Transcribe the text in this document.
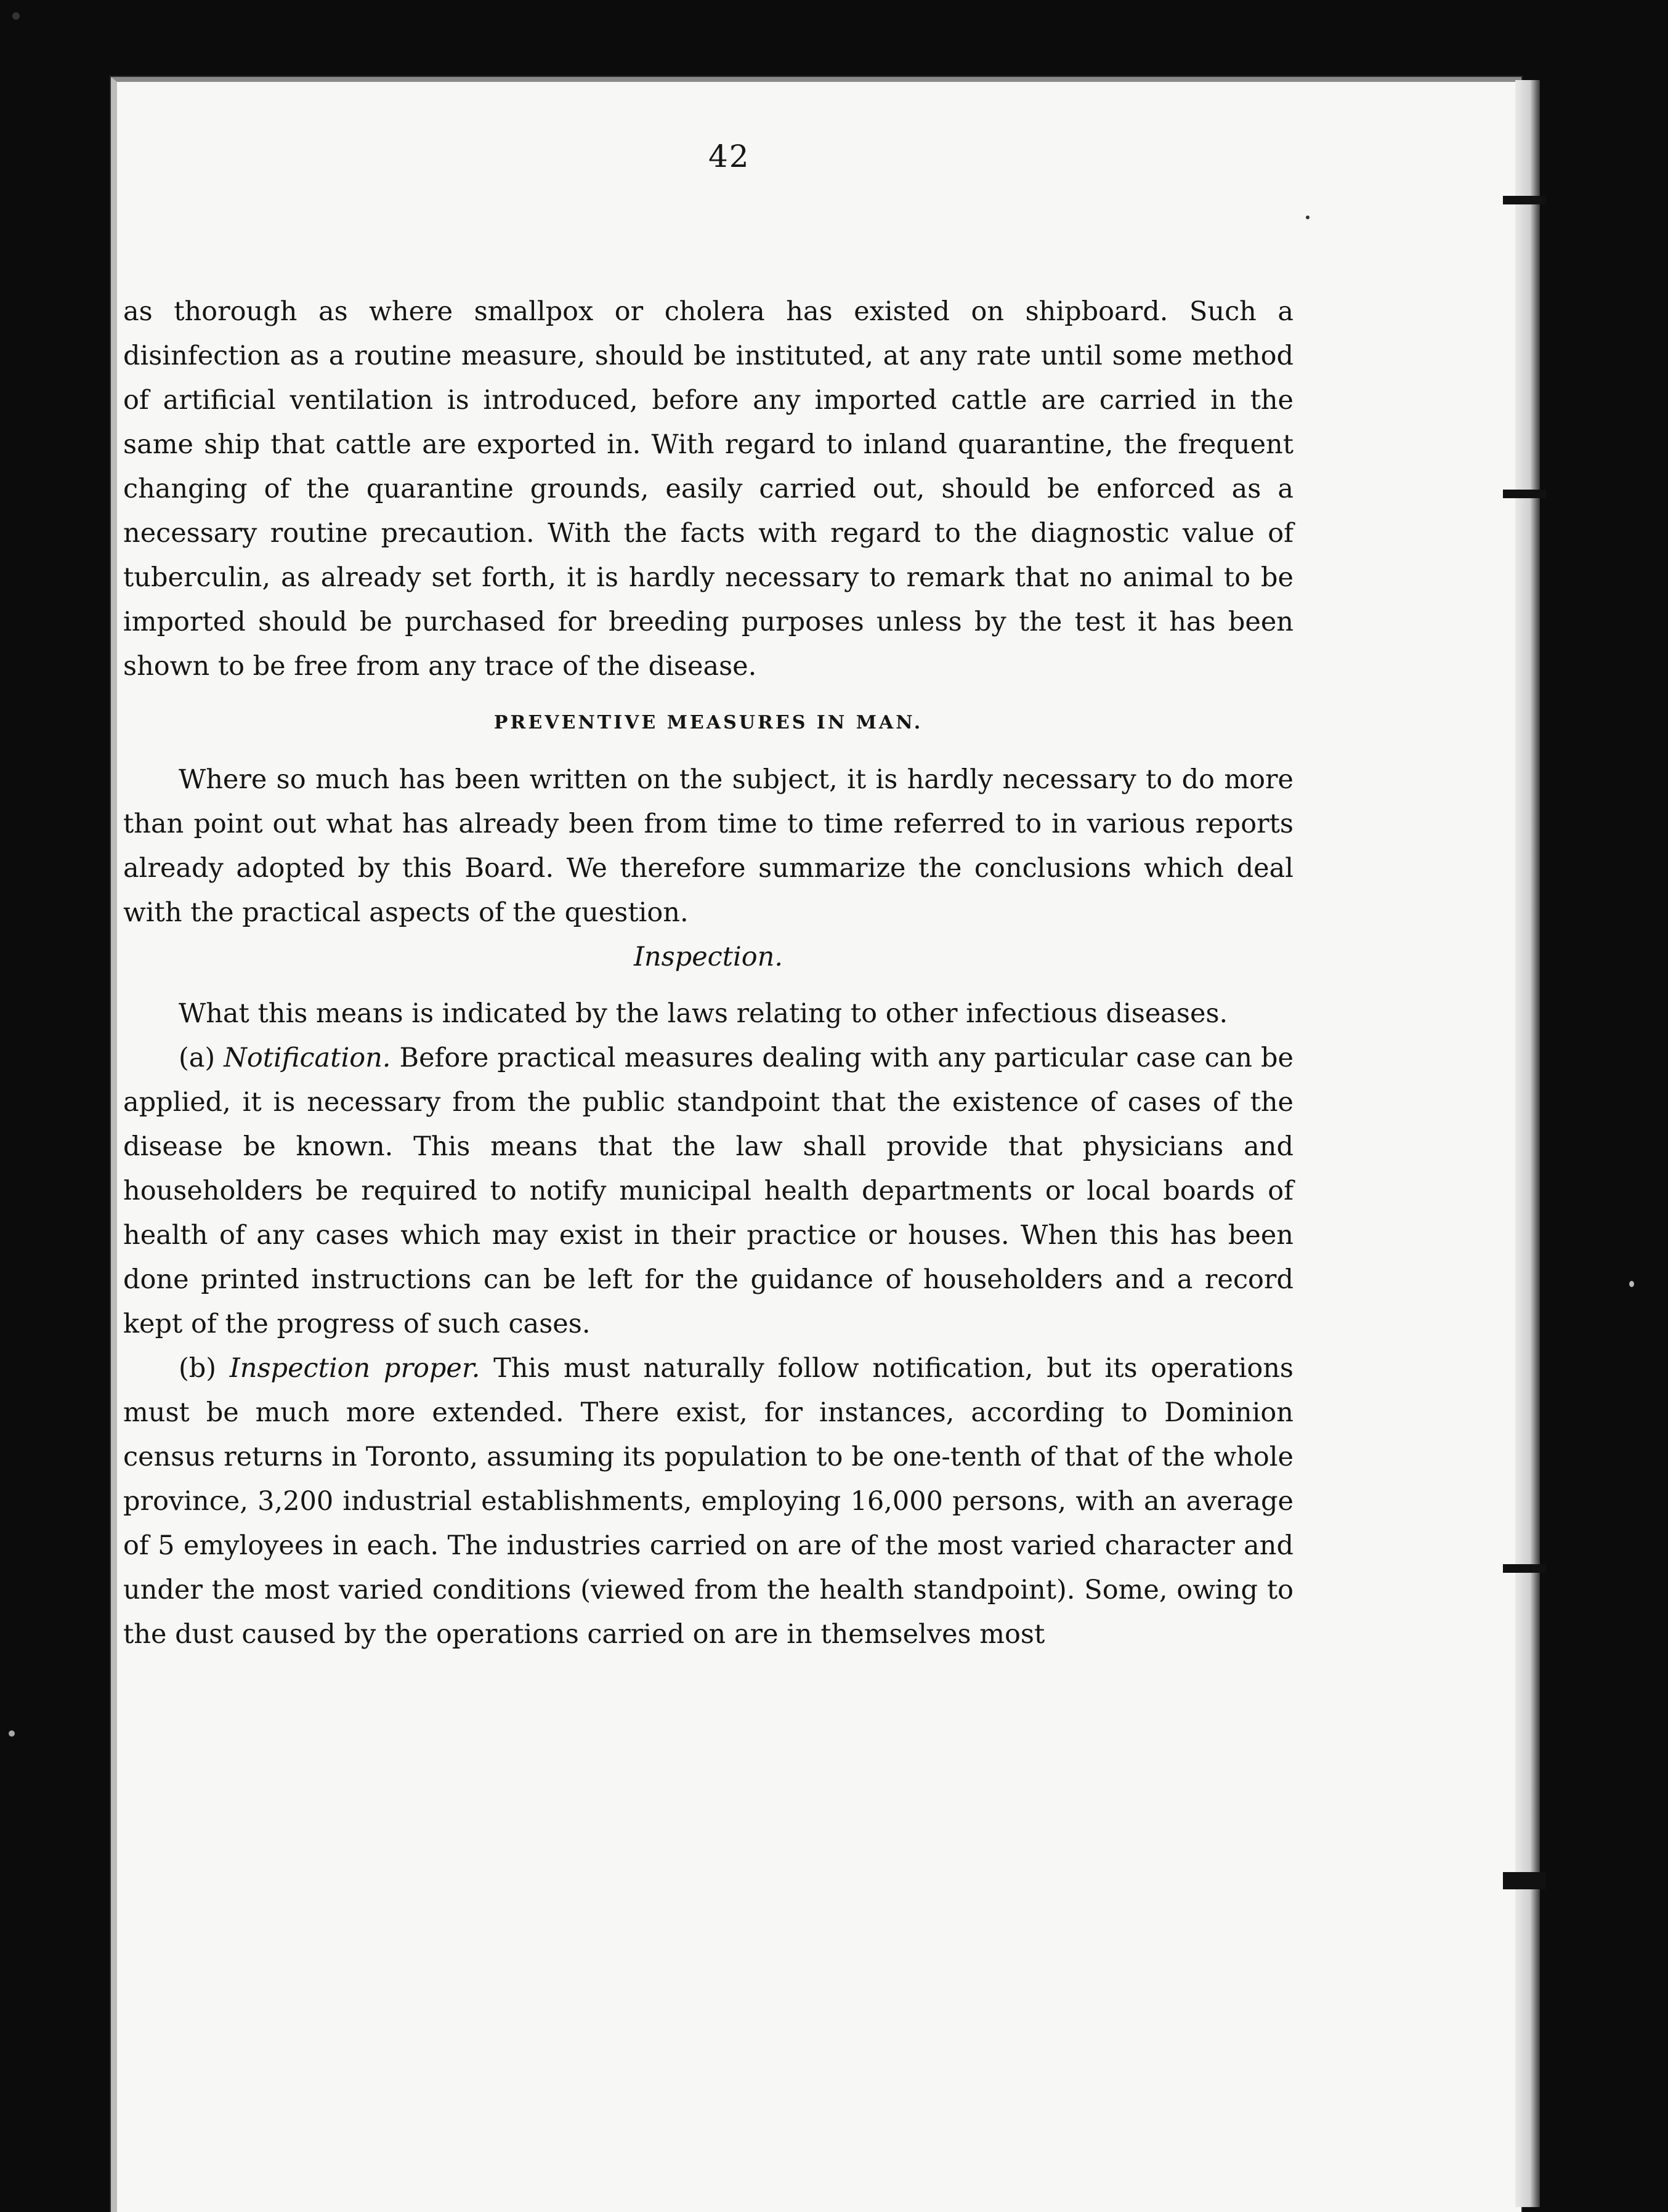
42

as thorough as where smallpox or cholera has existed on shipboard. Such a disinfection as a routine measure, should be instituted, at any rate until some method of artificial ventilation is introduced, before any imported cattle are carried in the same ship that cattle are exported in. With regard to inland quarantine, the frequent changing of the quarantine grounds, easily carried out, should be enforced as a necessary routine precaution. With the facts with regard to the diagnostic value of tuberculin, as already set forth, it is hardly necessary to remark that no animal to be imported should be purchased for breeding purposes unless by the test it has been shown to be free from any trace of the disease.

PREVENTIVE MEASURES IN MAN.

Where so much has been written on the subject, it is hardly necessary to do more than point out what has already been from time to time referred to in various reports already adopted by this Board. We therefore summarize the conclusions which deal with the practical aspects of the question.

Inspection.

What this means is indicated by the laws relating to other infectious diseases.

(a) Notification. Before practical measures dealing with any particular case can be applied, it is necessary from the public standpoint that the existence of cases of the disease be known. This means that the law shall provide that physicians and householders be required to notify municipal health departments or local boards of health of any cases which may exist in their practice or houses. When this has been done printed instructions can be left for the guidance of householders and a record kept of the progress of such cases.

(b) Inspection proper. This must naturally follow notification, but its operations must be much more extended. There exist, for instances, according to Dominion census returns in Toronto, assuming its population to be one-tenth of that of the whole province, 3,200 industrial establishments, employing 16,000 persons, with an average of 5 emyloyees in each. The industries carried on are of the most varied character and under the most varied conditions (viewed from the health standpoint). Some, owing to the dust caused by the operations carried on are in themselves most
